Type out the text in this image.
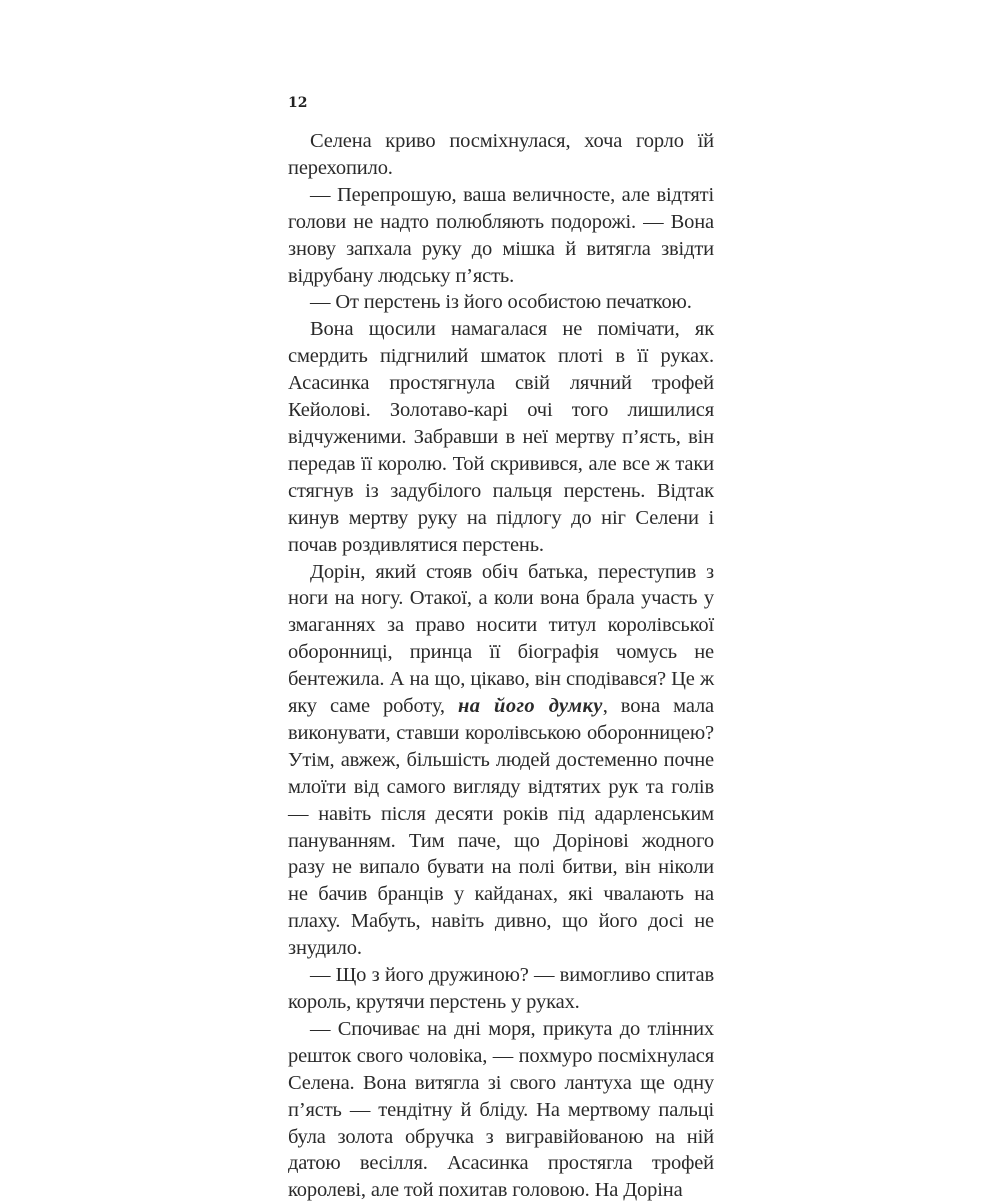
12

Селена криво посміхнулася, хоча горло їй перехопило.

— Перепрошую, ваша величносте, але відтяті голови не надто полюбляють подорожі. — Вона знову запхала руку до мішка й витягла звідти відрубану людську п’ясть.

— От перстень із його особистою печаткою.

Вона щосили намагалася не помічати, як смердить підгнилий шматок плоті в її руках. Асасинка простягнула свій лячний трофей Кейоловi. Золотаво-карі очі того лишилися відчуженими. Забравши в неї мертву п’ясть, він передав її королю. Той скривився, але все ж таки стягнув із задубілого пальця перстень. Відтак кинув мертву руку на підлогу до ніг Селени і почав роздивлятися перстень.

Дорін, який стояв обіч батька, переступив з ноги на ногу. Отакої, а коли вона брала участь у змаганнях за право носити титул королівської оборонниці, принца її біографія чомусь не бентежила. А на що, цікаво, він сподівався? Це ж яку саме роботу, на його думку, вона мала виконувати, ставши королівською оборонницею? Утім, авжеж, більшість людей достеменно почне млоїти від самого вигляду відтятих рук та голів — навіть після десяти років під адарленським пануванням. Тим паче, що Дорінові жодного разу не випало бувати на полі битви, він ніколи не бачив бранців у кайданах, які чвалають на плаху. Мабуть, навіть дивно, що його досі не знудило.

— Що з його дружиною? — вимогливо спитав король, крутячи перстень у руках.

— Спочиває на дні моря, прикута до тлінних решток свого чоловіка, — похмуро посміхнулася Селена. Вона витягла зі свого лантуха ще одну п’ясть — тендітну й бліду. На мертвому пальці була золота обручка з вигравійованою на ній датою весілля. Асасинка простягла трофей королеві, але той похитав головою. На Доріна
